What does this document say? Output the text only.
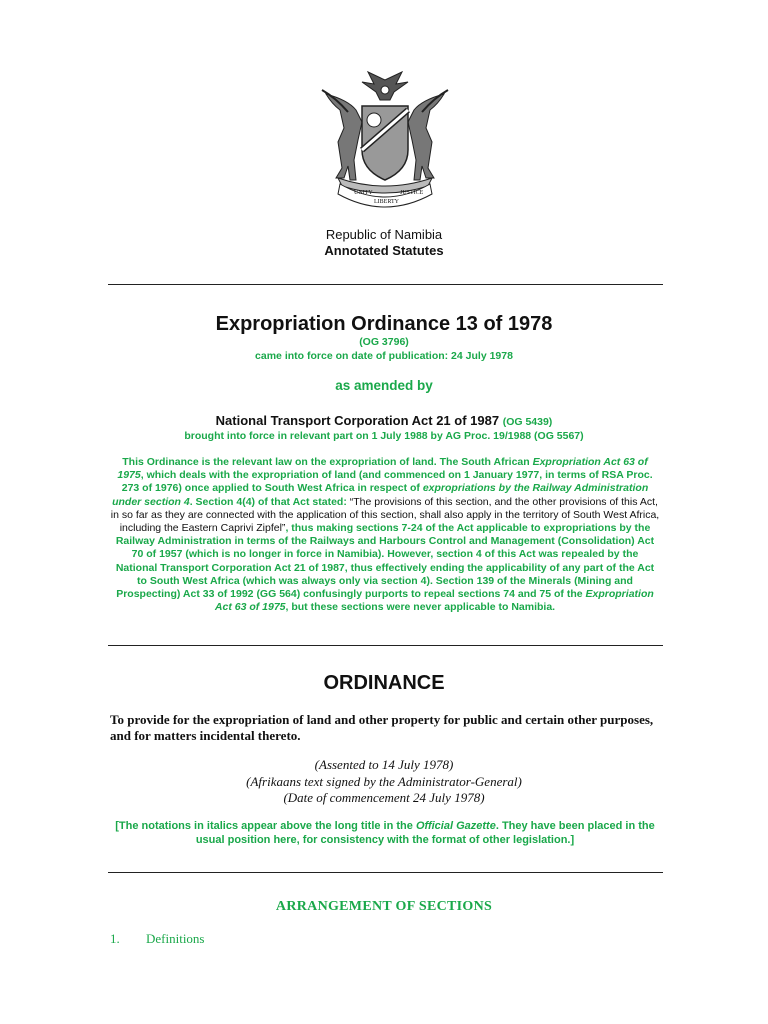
UNITY
LIBERTY
JUSTICE
Republic of Namibia
Annotated Statutes
Expropriation Ordinance 13 of 1978
(OG 3796)
came into force on date of publication: 24 July 1978
as amended by
National Transport Corporation Act 21 of 1987 (OG 5439)
brought into force in relevant part on 1 July 1988 by AG Proc. 19/1988 (OG 5567)
This Ordinance is the relevant law on the expropriation of land. The South African Expropriation Act 63 of 1975, which deals with the expropriation of land (and commenced on 1 January 1977, in terms of RSA Proc. 273 of 1976) once applied to South West Africa in respect of expropriations by the Railway Administration under section 4. Section 4(4) of that Act stated: “The provisions of this section, and the other provisions of this Act, in so far as they are connected with the application of this section, shall also apply in the territory of South West Africa, including the Eastern Caprivi Zipfel”, thus making sections 7-24 of the Act applicable to expropriations by the Railway Administration in terms of the Railways and Harbours Control and Management (Consolidation) Act 70 of 1957 (which is no longer in force in Namibia). However, section 4 of this Act was repealed by the National Transport Corporation Act 21 of 1987, thus effectively ending the applicability of any part of the Act to South West Africa (which was always only via section 4). Section 139 of the Minerals (Mining and Prospecting) Act 33 of 1992 (GG 564) confusingly purports to repeal sections 74 and 75 of the Expropriation Act 63 of 1975, but these sections were never applicable to Namibia.
ORDINANCE
To provide for the expropriation of land and other property for public and certain other purposes, and for matters incidental thereto.
(Assented to 14 July 1978)
(Afrikaans text signed by the Administrator-General)
(Date of commencement 24 July 1978)
[The notations in italics appear above the long title in the Official Gazette. They have been placed in the usual position here, for consistency with the format of other legislation.]
ARRANGEMENT OF SECTIONS
1. Definitions
